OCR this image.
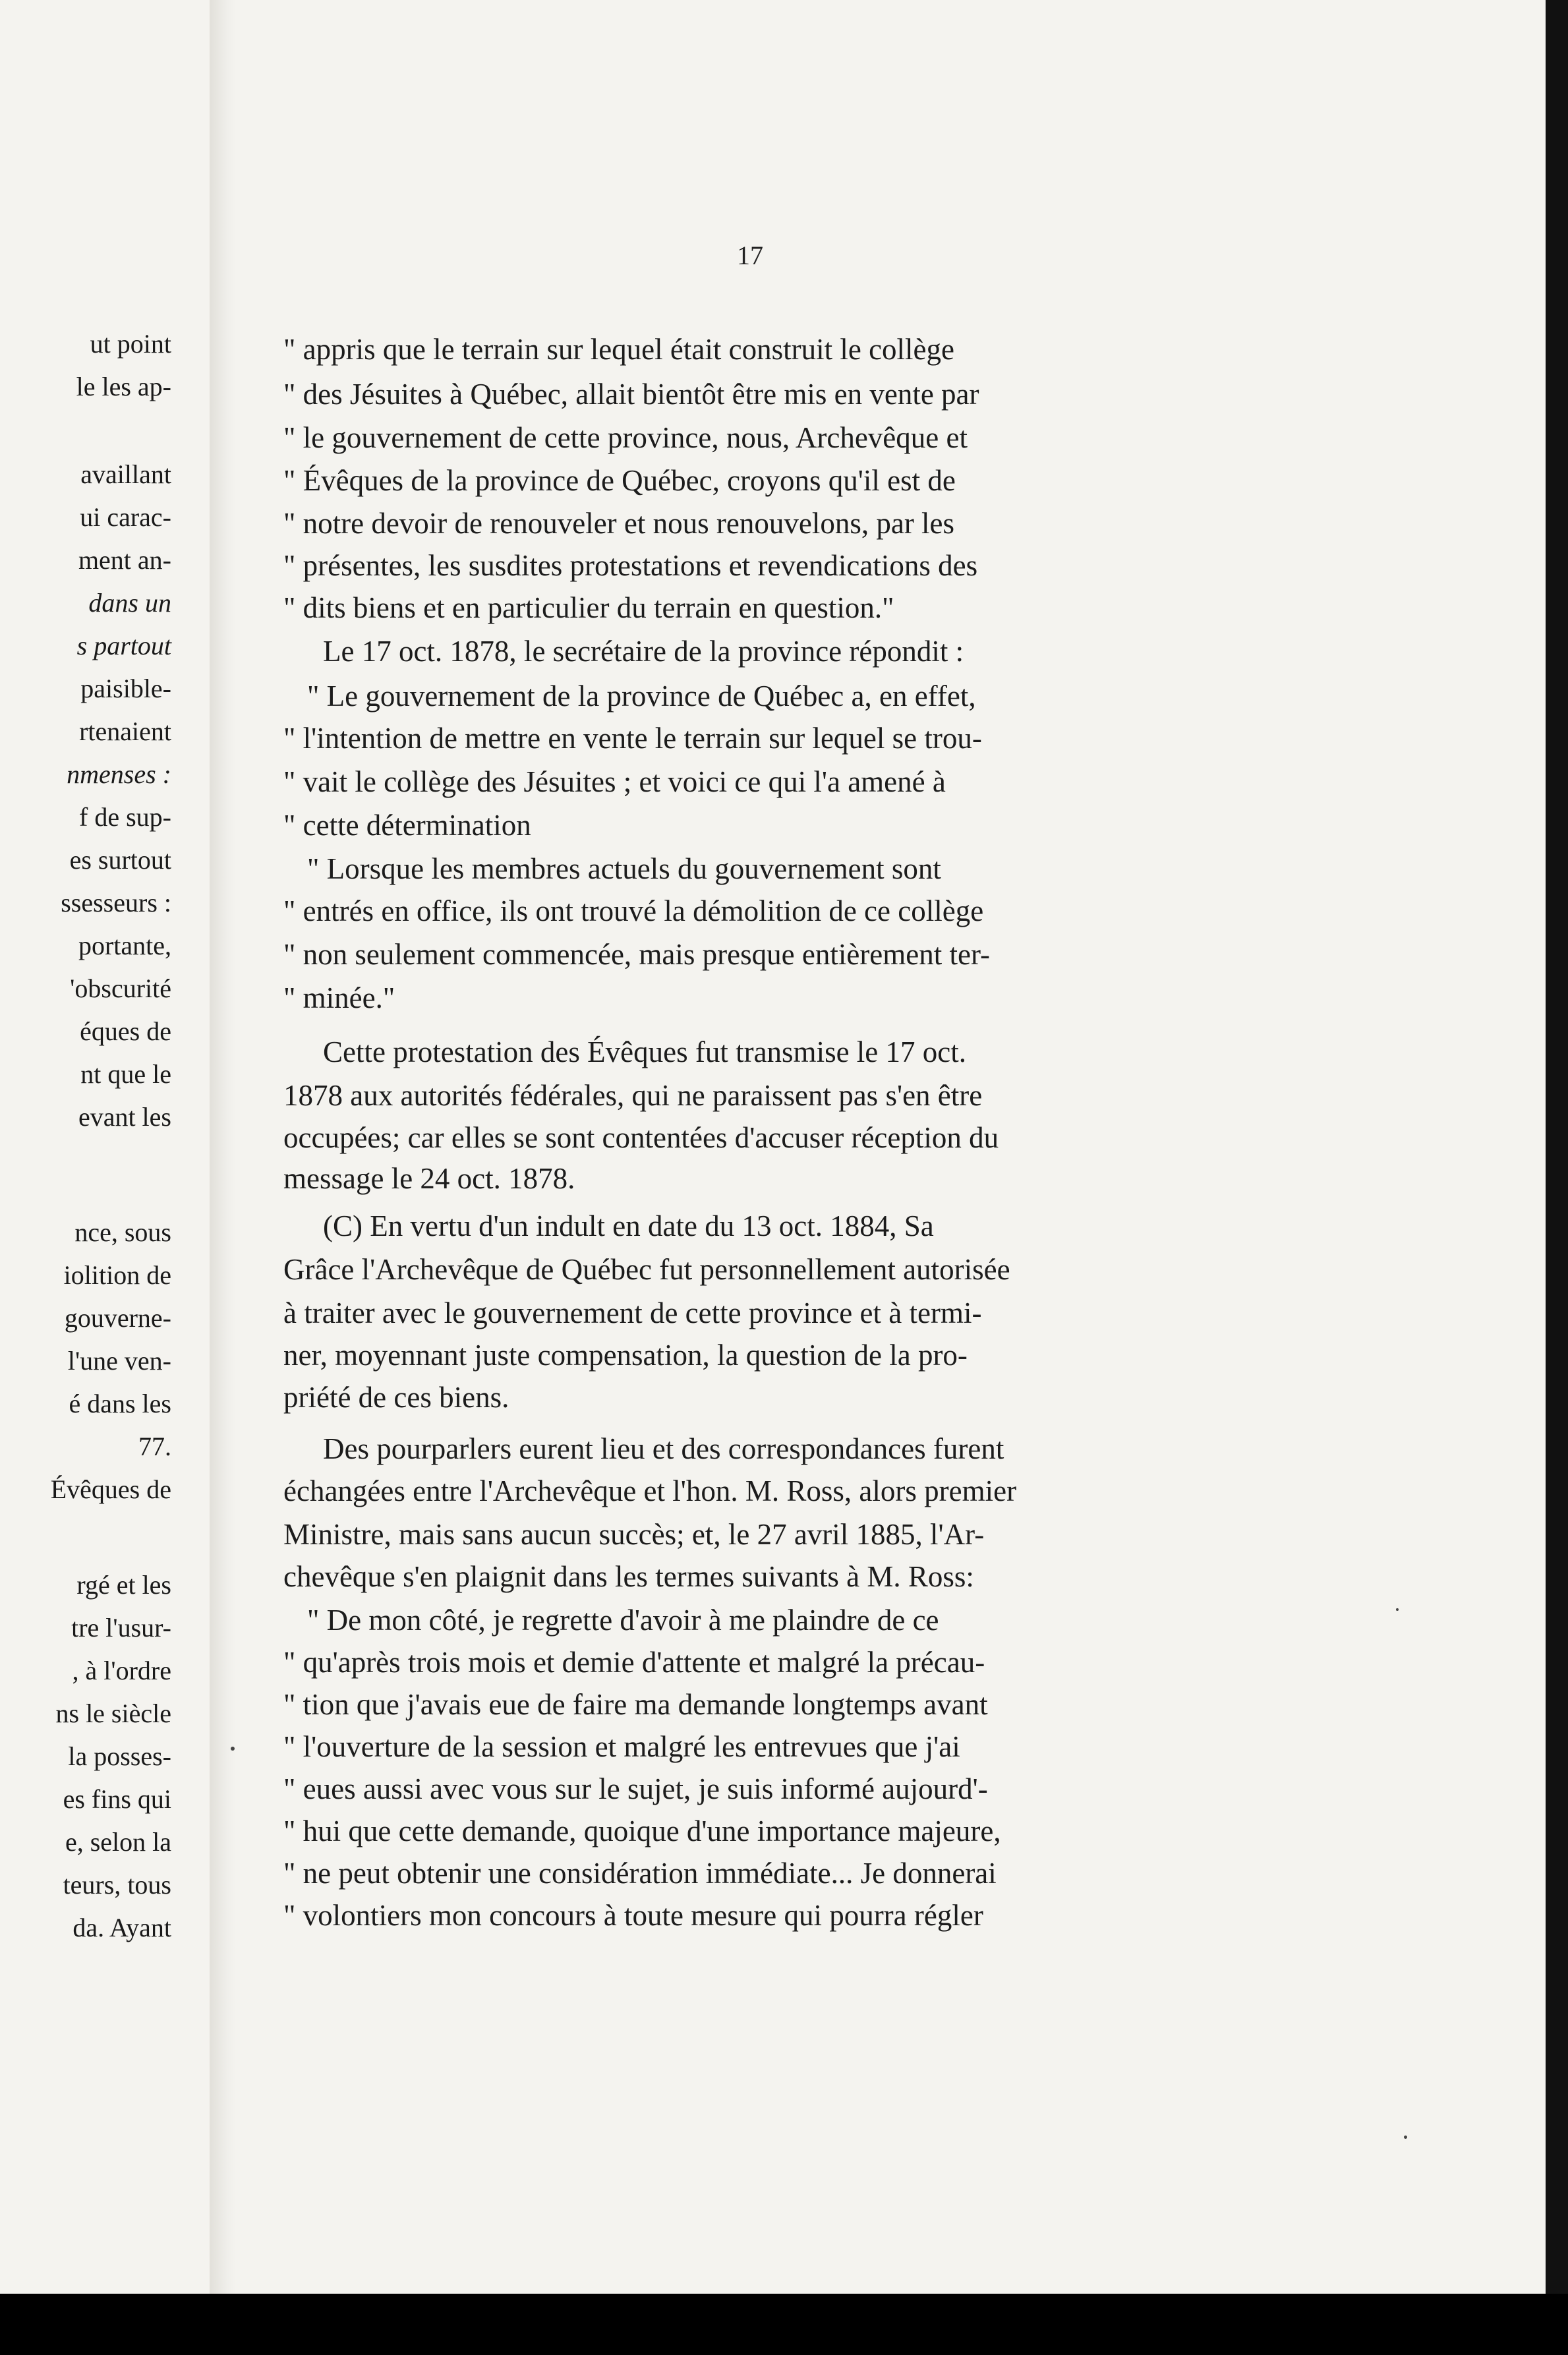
ut point
le les ap-
availlant
ui carac-
ment an-
dans un
s partout
paisible-
rtenaient
nmenses :
f de sup-
es surtout
ssesseurs :
portante,
'obscurité
éques de
nt que le
evant les
nce, sous
iolition de
gouverne-
l'une ven-
é dans les
77.
Évêques de
rgé et les
tre l'usur-
, à l'ordre
ns le siècle
la posses-
es fins qui
e, selon la
teurs, tous
da. Ayant
17
" appris que le terrain sur lequel était construit le collège
" des Jésuites à Québec, allait bientôt être mis en vente par
" le gouvernement de cette province, nous, Archevêque et
" Évêques de la province de Québec, croyons qu'il est de
" notre devoir de renouveler et nous renouvelons, par les
" présentes, les susdites protestations et revendications des
" dits biens et en particulier du terrain en question."
Le 17 oct. 1878, le secrétaire de la province répondit :
" Le gouvernement de la province de Québec a, en effet,
" l'intention de mettre en vente le terrain sur lequel se trou-
" vait le collège des Jésuites ; et voici ce qui l'a amené à
" cette détermination
" Lorsque les membres actuels du gouvernement sont
" entrés en office, ils ont trouvé la démolition de ce collège
" non seulement commencée, mais presque entièrement ter-
" minée."
Cette protestation des Évêques fut transmise le 17 oct.
1878 aux autorités fédérales, qui ne paraissent pas s'en être
occupées; car elles se sont contentées d'accuser réception du
message le 24 oct. 1878.
(C) En vertu d'un indult en date du 13 oct. 1884, Sa
Grâce l'Archevêque de Québec fut personnellement autorisée
à traiter avec le gouvernement de cette province et à termi-
ner, moyennant juste compensation, la question de la pro-
priété de ces biens.
Des pourparlers eurent lieu et des correspondances furent
échangées entre l'Archevêque et l'hon. M. Ross, alors premier
Ministre, mais sans aucun succès; et, le 27 avril 1885, l'Ar-
chevêque s'en plaignit dans les termes suivants à M. Ross:
" De mon côté, je regrette d'avoir à me plaindre de ce
" qu'après trois mois et demie d'attente et malgré la précau-
" tion que j'avais eue de faire ma demande longtemps avant
" l'ouverture de la session et malgré les entrevues que j'ai
" eues aussi avec vous sur le sujet, je suis informé aujourd'-
" hui que cette demande, quoique d'une importance majeure,
" ne peut obtenir une considération immédiate... Je donnerai
" volontiers mon concours à toute mesure qui pourra régler
